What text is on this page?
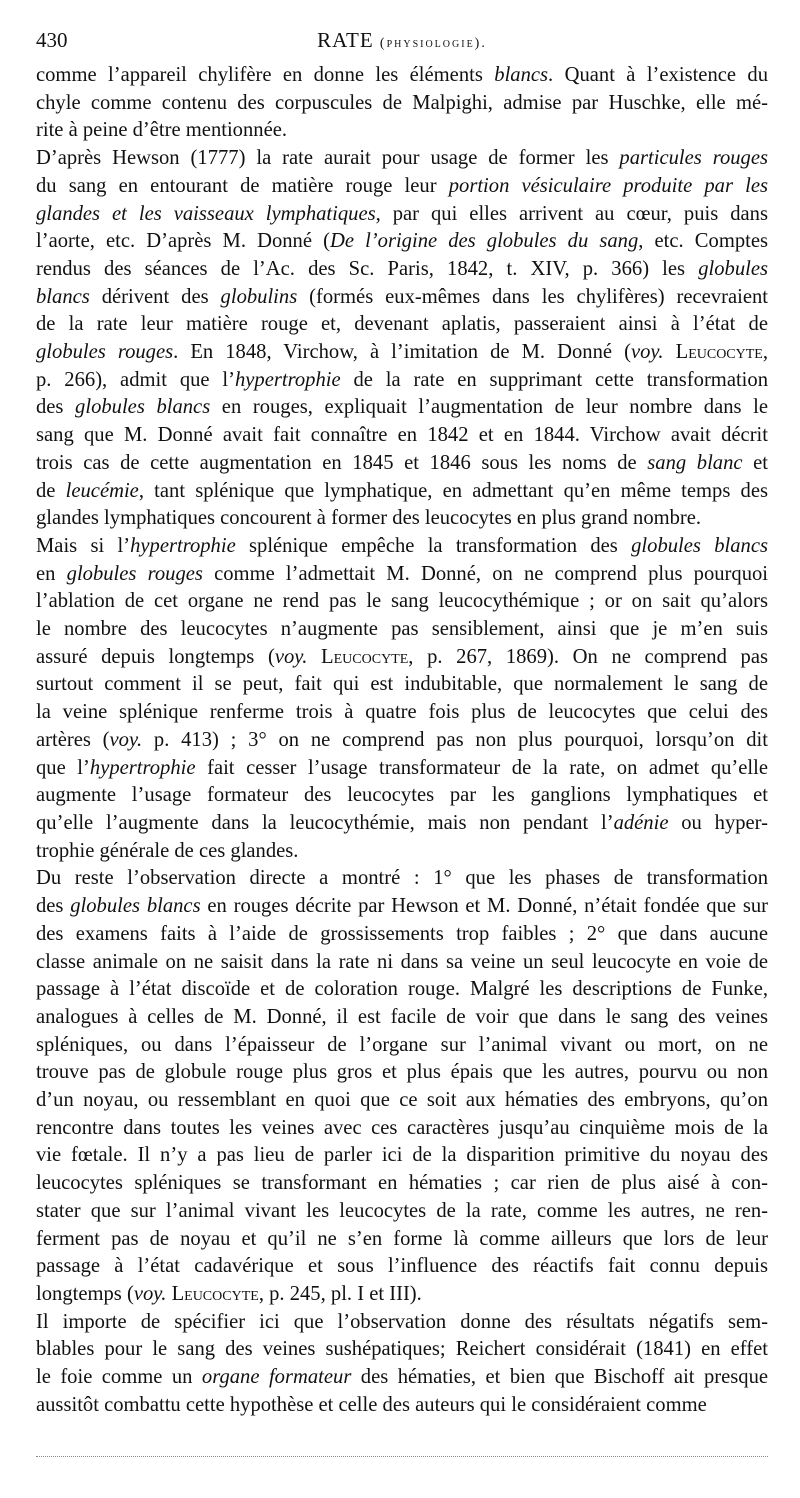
430	RATE (physiologie).

comme l’appareil chylifère en donne les éléments blancs. Quant à l’existence du
chyle comme contenu des corpuscules de Malpighi, admise par Huschke, elle mé-
rite à peine d’être mentionnée.

D’après Hewson (1777) la rate aurait pour usage de former les particules rouges
du sang en entourant de matière rouge leur portion vésiculaire produite par les
glandes et les vaisseaux lymphatiques, par qui elles arrivent au cœur, puis dans
l’aorte, etc. D’après M. Donné (De l’origine des globules du sang, etc. Comptes
rendus des séances de l’Ac. des Sc. Paris, 1842, t. XIV, p. 366) les globules
blancs dérivent des globulins (formés eux-mêmes dans les chylifères) recevraient
de la rate leur matière rouge et, devenant aplatis, passeraient ainsi à l’état de
globules rouges. En 1848, Virchow, à l’imitation de M. Donné (voy. Leucocyte,
p. 266), admit que l’hypertrophie de la rate en supprimant cette transformation
des globules blancs en rouges, expliquait l’augmentation de leur nombre dans le
sang que M. Donné avait fait connaître en 1842 et en 1844. Virchow avait décrit
trois cas de cette augmentation en 1845 et 1846 sous les noms de sang blanc et
de leucémie, tant splénique que lymphatique, en admettant qu’en même temps des
glandes lymphatiques concourent à former des leucocytes en plus grand nombre.

Mais si l’hypertrophie splénique empêche la transformation des globules blancs
en globules rouges comme l’admettait M. Donné, on ne comprend plus pourquoi
l’ablation de cet organe ne rend pas le sang leucocythémique ; or on sait qu’alors
le nombre des leucocytes n’augmente pas sensiblement, ainsi que je m’en suis
assuré depuis longtemps (voy. Leucocyte, p. 267, 1869). On ne comprend pas
surtout comment il se peut, fait qui est indubitable, que normalement le sang de
la veine splénique renferme trois à quatre fois plus de leucocytes que celui des
artères (voy. p. 413) ; 3° on ne comprend pas non plus pourquoi, lorsqu’on dit
que l’hypertrophie fait cesser l’usage transformateur de la rate, on admet qu’elle
augmente l’usage formateur des leucocytes par les ganglions lymphatiques et
qu’elle l’augmente dans la leucocythémie, mais non pendant l’adénie ou hyper-
trophie générale de ces glandes.

Du reste l’observation directe a montré : 1° que les phases de transformation
des globules blancs en rouges décrite par Hewson et M. Donné, n’était fondée que sur
des examens faits à l’aide de grossissements trop faibles ; 2° que dans aucune
classe animale on ne saisit dans la rate ni dans sa veine un seul leucocyte en voie de
passage à l’état discoïde et de coloration rouge. Malgré les descriptions de Funke,
analogues à celles de M. Donné, il est facile de voir que dans le sang des veines
spléniques, ou dans l’épaisseur de l’organe sur l’animal vivant ou mort, on ne
trouve pas de globule rouge plus gros et plus épais que les autres, pourvu ou non
d’un noyau, ou ressemblant en quoi que ce soit aux hématies des embryons, qu’on
rencontre dans toutes les veines avec ces caractères jusqu’au cinquième mois de la
vie fœtale. Il n’y a pas lieu de parler ici de la disparition primitive du noyau des
leucocytes spléniques se transformant en hématies ; car rien de plus aisé à con-
stater que sur l’animal vivant les leucocytes de la rate, comme les autres, ne ren-
ferment pas de noyau et qu’il ne s’en forme là comme ailleurs que lors de leur
passage à l’état cadavérique et sous l’influence des réactifs fait connu depuis
longtemps (voy. Leucocyte, p. 245, pl. I et III).

Il importe de spécifier ici que l’observation donne des résultats négatifs sem-
blables pour le sang des veines sushépatiques; Reichert considérait (1841) en effet
le foie comme un organe formateur des hématies, et bien que Bischoff ait presque
aussitôt combattu cette hypothèse et celle des auteurs qui le considéraient comme
